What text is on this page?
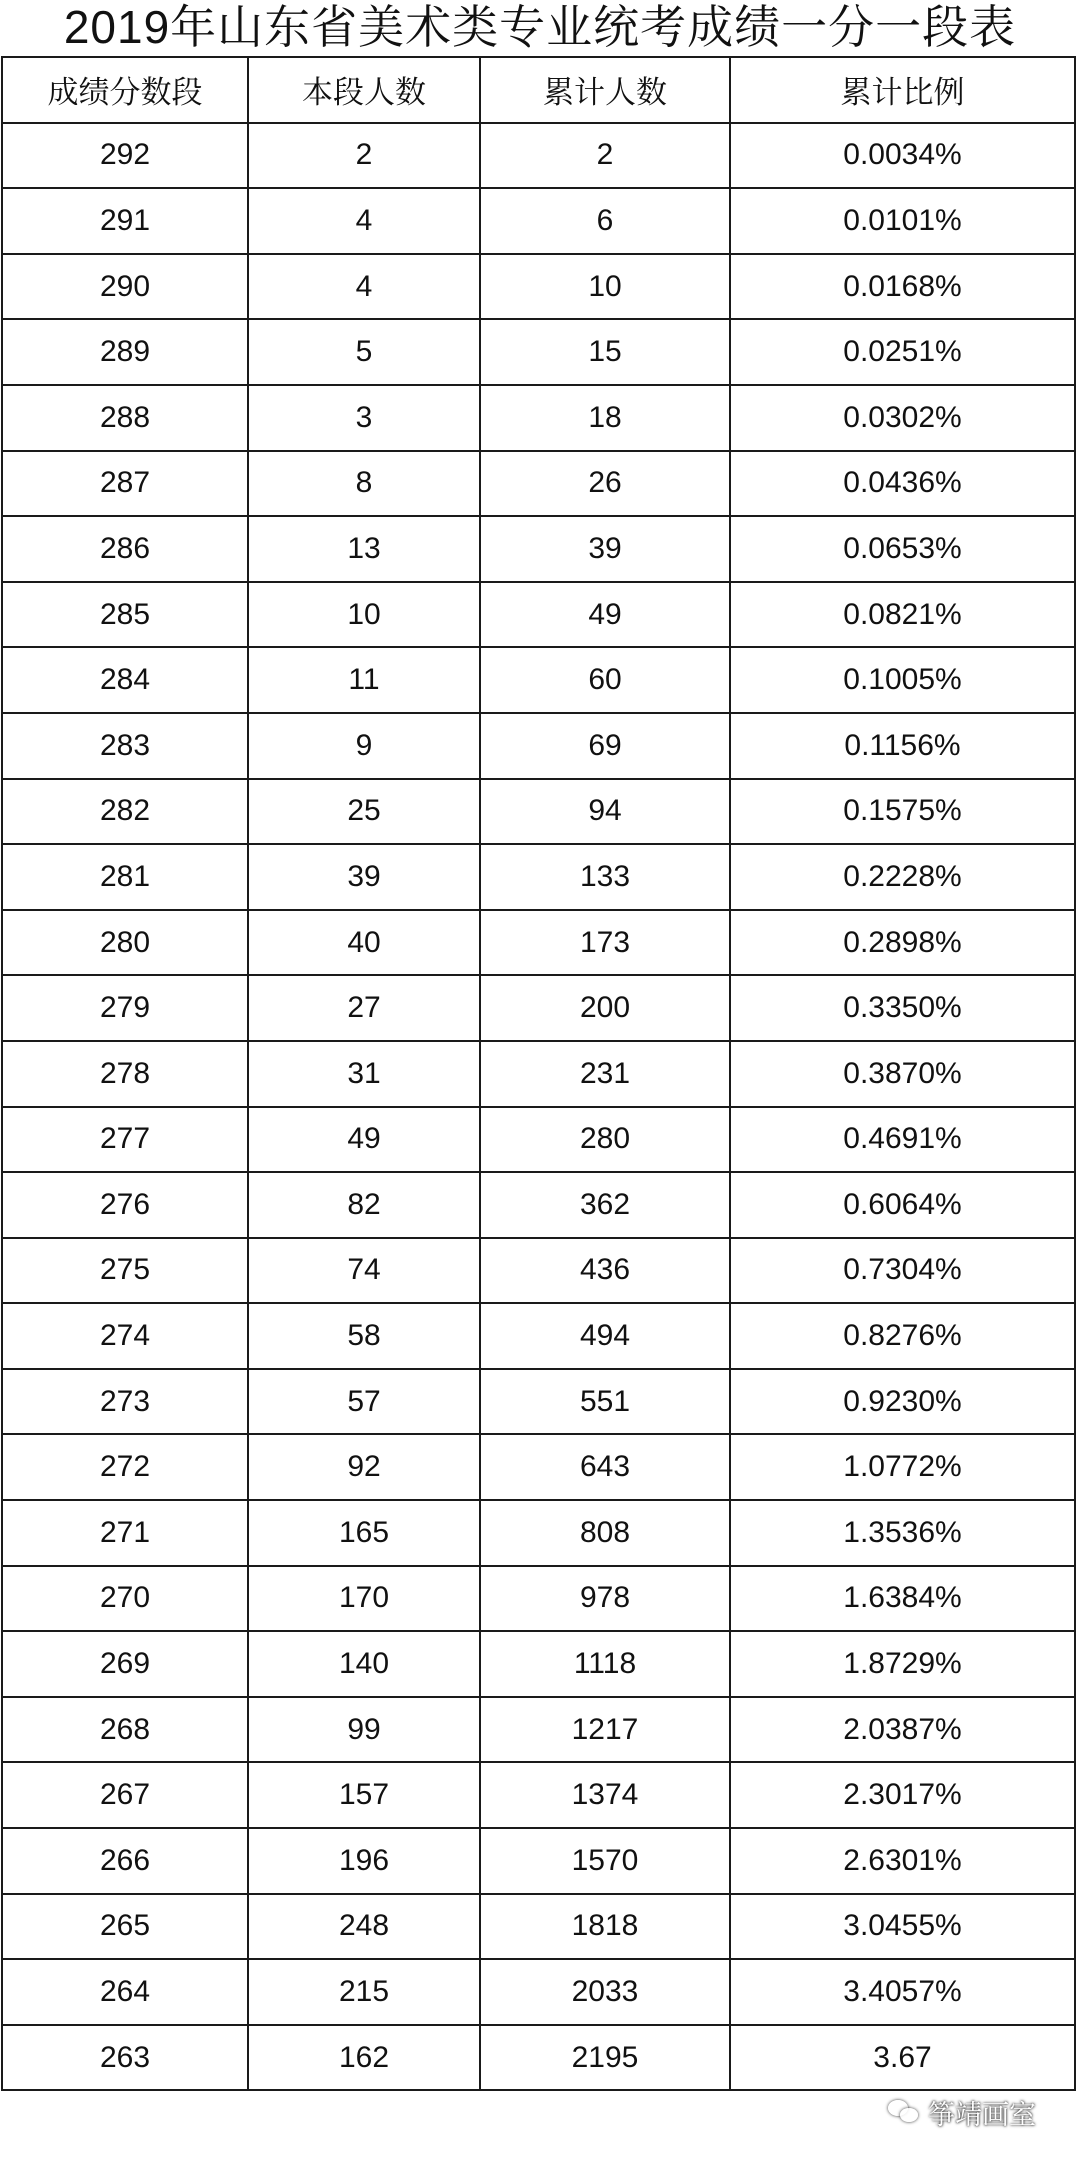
2019年山东省美术类专业统考成绩一分一段表
成绩分数段	本段人数	累计人数	累计比例
292	2	2	0.0034%
291	4	6	0.0101%
290	4	10	0.0168%
289	5	15	0.0251%
288	3	18	0.0302%
287	8	26	0.0436%
286	13	39	0.0653%
285	10	49	0.0821%
284	11	60	0.1005%
283	9	69	0.1156%
282	25	94	0.1575%
281	39	133	0.2228%
280	40	173	0.2898%
279	27	200	0.3350%
278	31	231	0.3870%
277	49	280	0.4691%
276	82	362	0.6064%
275	74	436	0.7304%
274	58	494	0.8276%
273	57	551	0.9230%
272	92	643	1.0772%
271	165	808	1.3536%
270	170	978	1.6384%
269	140	1118	1.8729%
268	99	1217	2.0387%
267	157	1374	2.3017%
266	196	1570	2.6301%
265	248	1818	3.0455%
264	215	2033	3.4057%
263	162	2195	3.67
筝靖画室
